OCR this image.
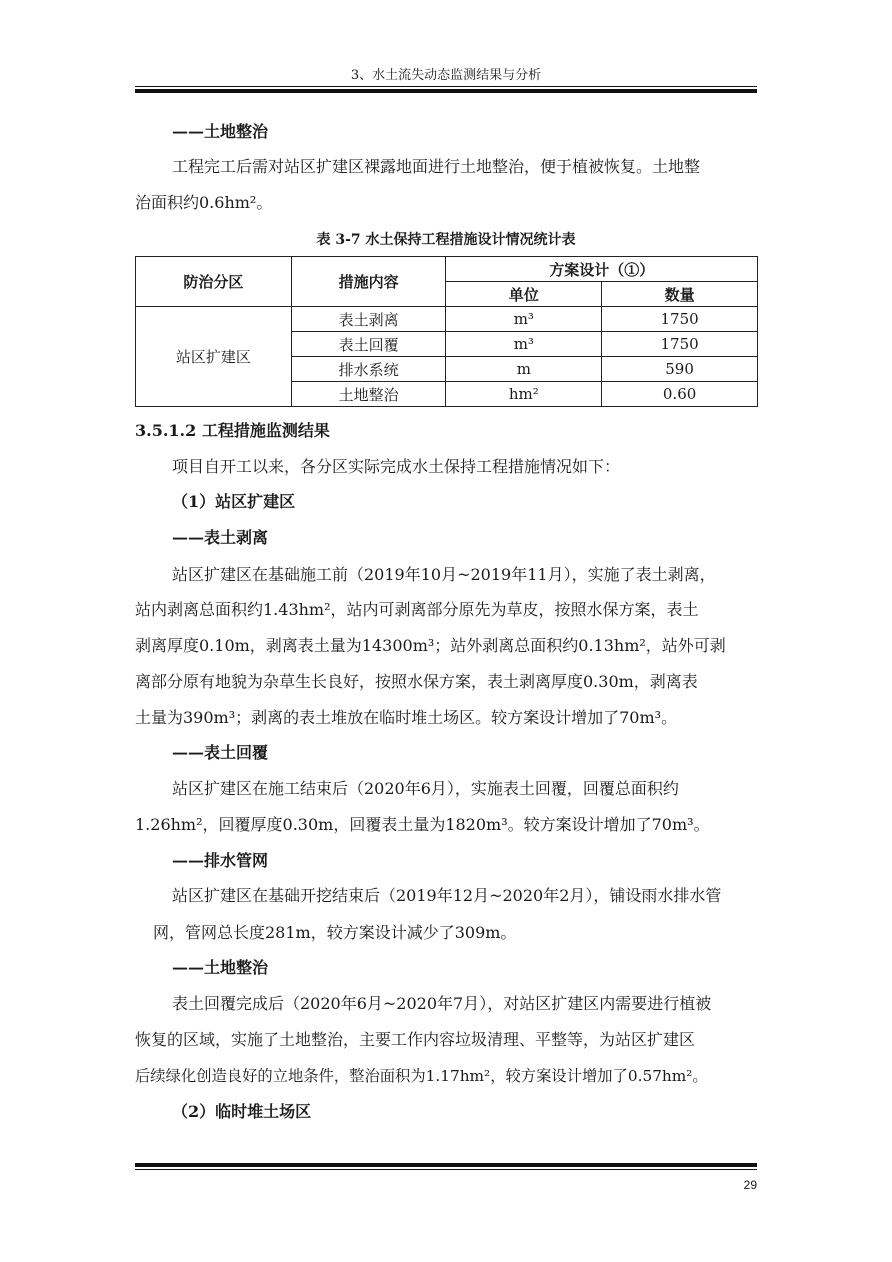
3、水土流失动态监测结果与分析
——土地整治
工程完工后需对站区扩建区裸露地面进行土地整治，便于植被恢复。土地整
治面积约0.6hm²。
表 3-7 水土保持工程措施设计情况统计表
防治分区	措施内容	方案设计（①）	
		单位	数量
站区扩建区	表土剥离	m³	1750
	表土回覆	m³	1750
	排水系统	m	590
	土地整治	hm²	0.60
3.5.1.2 工程措施监测结果
项目自开工以来，各分区实际完成水土保持工程措施情况如下：
（1）站区扩建区
——表土剥离
站区扩建区在基础施工前（2019年10月~2019年11月），实施了表土剥离，
站内剥离总面积约1.43hm²，站内可剥离部分原先为草皮，按照水保方案，表土
剥离厚度0.10m，剥离表土量为14300m³；站外剥离总面积约0.13hm²，站外可剥
离部分原有地貌为杂草生长良好，按照水保方案，表土剥离厚度0.30m，剥离表
土量为390m³；剥离的表土堆放在临时堆土场区。较方案设计增加了70m³。
——表土回覆
站区扩建区在施工结束后（2020年6月），实施表土回覆，回覆总面积约
1.26hm²，回覆厚度0.30m，回覆表土量为1820m³。较方案设计增加了70m³。
——排水管网
站区扩建区在基础开挖结束后（2019年12月~2020年2月），铺设雨水排水管
网，管网总长度281m，较方案设计减少了309m。
——土地整治
表土回覆完成后（2020年6月~2020年7月），对站区扩建区内需要进行植被
恢复的区域，实施了土地整治，主要工作内容垃圾清理、平整等，为站区扩建区
后续绿化创造良好的立地条件，整治面积为1.17hm²，较方案设计增加了0.57hm²。
（2）临时堆土场区
29
